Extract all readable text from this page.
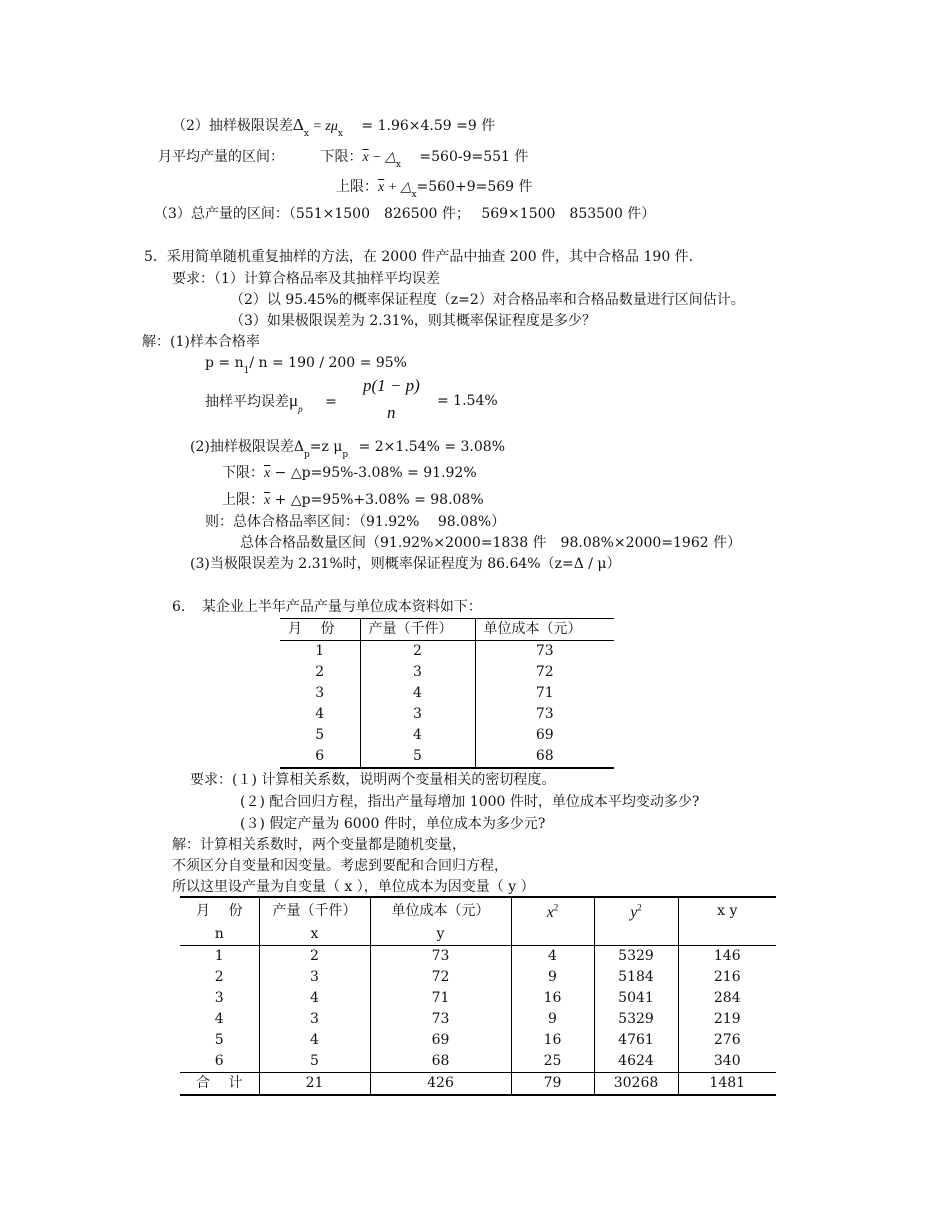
（2）抽样极限误差$\Delta_x = z\mu_x = 1.96\times 4.59 =9$ 件
月平均产量的区间：	下限：$\overline{x}$ − $\triangle_x =560-9=551$ 件
上限：$\overline{x}$ + $\triangle_x=560+9=569$ 件
（3）总产量的区间：（551×1500　826500 件；　 569×1500　853500 件）
5．采用简单随机重复抽样的方法，在 2000 件产品中抽查 200 件，其中合格品 190 件.
要求：（1）计算合格品率及其抽样平均误差
（2）以 95.45%的概率保证程度（z=2）对合格品率和合格品数量进行区间估计。
（3）如果极限误差为 2.31%，则其概率保证程度是多少？
解：(1)样本合格率
$p = n_1/$ n = 190 / 200 = 95%
抽样平均误差$\mu_p$ =
p(1 − p)
n
= 1.54%
(2)抽样极限误差$\Delta_p=z$ $\mu_p = 2\times 1.54\% = 3.08\%$
下限：$\overline{x}$ − △p=95%-3.08% = 91.92%
上限：$\overline{x}$ + △p=95%+3.08% = 98.08%
则：总体合格品率区间：（91.92%　 98.08%）
总体合格品数量区间（91.92%×2000=1838 件　98.08%×2000=1962 件）
(3)当极限误差为 2.31%时，则概率保证程度为 86.64%（z=Δ / μ）
6．　某企业上半年产品产量与单位成本资料如下：
月　 份	产量（千件）	单位成本（元）
1	2	73
2	3	72
3	4	71
4	3	73
5	4	69
6	5	68
要求：(１) 计算相关系数，说明两个变量相关的密切程度。
(２) 配合回归方程，指出产量每增加 1000 件时，单位成本平均变动多少?
(３) 假定产量为 6000 件时，单位成本为多少元?
解：计算相关系数时，两个变量都是随机变量，
不须区分自变量和因变量。考虑到要配和合回归方程，
所以这里设产量为自变量（ x ），单位成本为因变量（ y ）
月　 份	产量（千件）	单位成本（元）	$x^2$	$y^2$	x y
n	x	y			
1	2	73	4	5329	146
2	3	72	9	5184	216
3	4	71	16	5041	284
4	3	73	9	5329	219
5	4	69	16	4761	276
6	5	68	25	4624	340
合　 计	21	426	79	30268	1481
